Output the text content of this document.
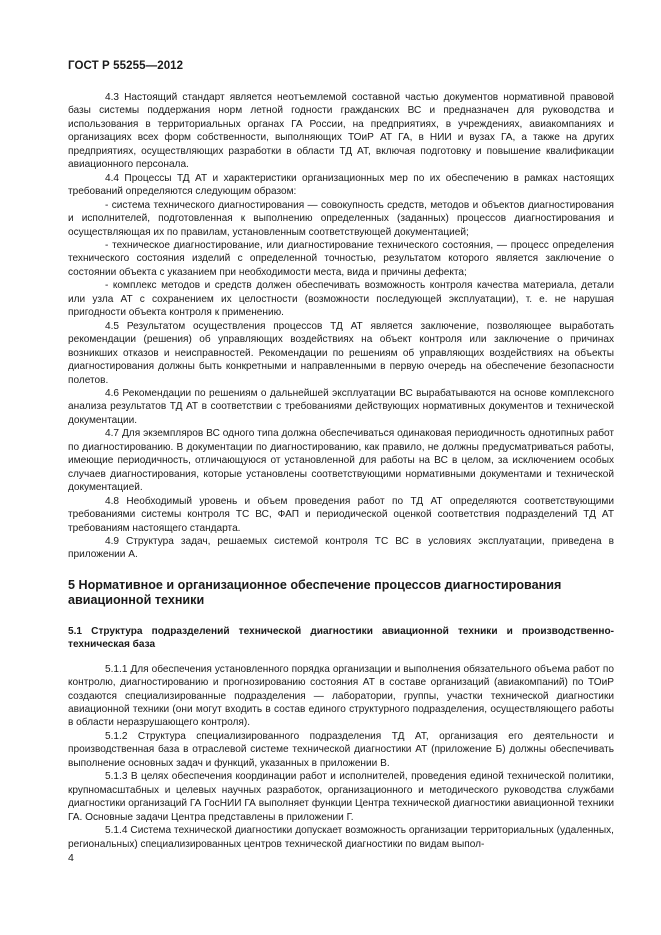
ГОСТ Р 55255—2012

4.3 Настоящий стандарт является неотъемлемой составной частью документов нормативной правовой базы системы поддержания норм летной годности гражданских ВС и предназначен для руководства и использования в территориальных органах ГА России, на предприятиях, в учреждениях, авиакомпаниях и организациях всех форм собственности, выполняющих ТОиР АТ ГА, в НИИ и вузах ГА, а также на других предприятиях, осуществляющих разработки в области ТД АТ, включая подготовку и повышение квалификации авиационного персонала.

4.4 Процессы ТД АТ и характеристики организационных мер по их обеспечению в рамках настоящих требований определяются следующим образом:

- система технического диагностирования — совокупность средств, методов и объектов диагностирования и исполнителей, подготовленная к выполнению определенных (заданных) процессов диагностирования и осуществляющая их по правилам, установленным соответствующей документацией;

- техническое диагностирование, или диагностирование технического состояния, — процесс определения технического состояния изделий с определенной точностью, результатом которого является заключение о состоянии объекта с указанием при необходимости места, вида и причины дефекта;

- комплекс методов и средств должен обеспечивать возможность контроля качества материала, детали или узла АТ с сохранением их целостности (возможности последующей эксплуатации), т. е. не нарушая пригодности объекта контроля к применению.

4.5 Результатом осуществления процессов ТД АТ является заключение, позволяющее выработать рекомендации (решения) об управляющих воздействиях на объект контроля или заключение о причинах возникших отказов и неисправностей. Рекомендации по решениям об управляющих воздействиях на объекты диагностирования должны быть конкретными и направленными в первую очередь на обеспечение безопасности полетов.

4.6 Рекомендации по решениям о дальнейшей эксплуатации ВС вырабатываются на основе комплексного анализа результатов ТД АТ в соответствии с требованиями действующих нормативных документов и технической документации.

4.7 Для экземпляров ВС одного типа должна обеспечиваться одинаковая периодичность однотипных работ по диагностированию. В документации по диагностированию, как правило, не должны предусматриваться работы, имеющие периодичность, отличающуюся от установленной для работы на ВС в целом, за исключением особых случаев диагностирования, которые установлены соответствующими нормативными документами и технической документацией.

4.8 Необходимый уровень и объем проведения работ по ТД АТ определяются соответствующими требованиями системы контроля ТС ВС, ФАП и периодической оценкой соответствия подразделений ТД АТ требованиям настоящего стандарта.

4.9 Структура задач, решаемых системой контроля ТС ВС в условиях эксплуатации, приведена в приложении А.

5 Нормативное и организационное обеспечение процессов диагностирования авиационной техники
5.1 Структура подразделений технической диагностики авиационной техники и производственно-техническая база

5.1.1 Для обеспечения установленного порядка организации и выполнения обязательного объема работ по контролю, диагностированию и прогнозированию состояния АТ в составе организаций (авиакомпаний) по ТОиР создаются специализированные подразделения — лаборатории, группы, участки технической диагностики авиационной техники (они могут входить в состав единого структурного подразделения, осуществляющего работы в области неразрушающего контроля).

5.1.2 Структура специализированного подразделения ТД АТ, организация его деятельности и производственная база в отраслевой системе технической диагностики АТ (приложение Б) должны обеспечивать выполнение основных задач и функций, указанных в приложении В.

5.1.3 В целях обеспечения координации работ и исполнителей, проведения единой технической политики, крупномасштабных и целевых научных разработок, организационного и методического руководства службами диагностики организаций ГА ГосНИИ ГА выполняет функции Центра технической диагностики авиационной техники ГА. Основные задачи Центра представлены в приложении Г.

5.1.4 Система технической диагностики допускает возможность организации территориальных (удаленных, региональных) специализированных центров технической диагностики по видам выпол-

4
